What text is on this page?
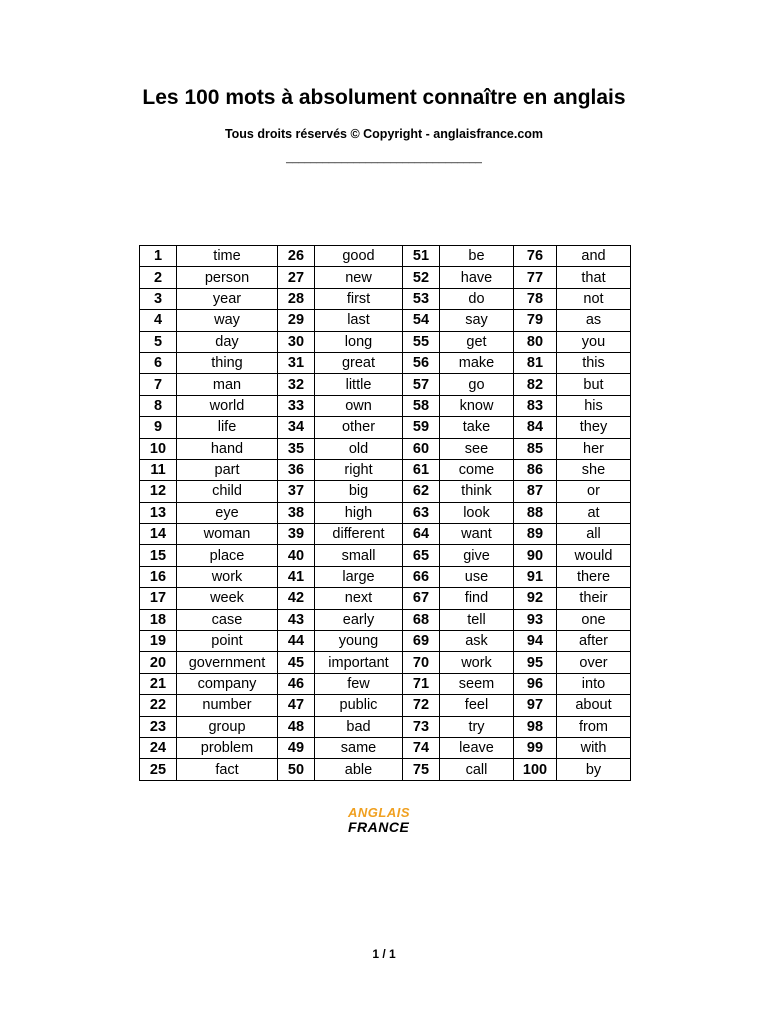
Les 100 mots à absolument connaître en anglais
Tous droits réservés © Copyright - anglaisfrance.com
________________________________
1	time	26	good	51	be	76	and
2	person	27	new	52	have	77	that
3	year	28	first	53	do	78	not
4	way	29	last	54	say	79	as
5	day	30	long	55	get	80	you
6	thing	31	great	56	make	81	this
7	man	32	little	57	go	82	but
8	world	33	own	58	know	83	his
9	life	34	other	59	take	84	they
10	hand	35	old	60	see	85	her
11	part	36	right	61	come	86	she
12	child	37	big	62	think	87	or
13	eye	38	high	63	look	88	at
14	woman	39	different	64	want	89	all
15	place	40	small	65	give	90	would
16	work	41	large	66	use	91	there
17	week	42	next	67	find	92	their
18	case	43	early	68	tell	93	one
19	point	44	young	69	ask	94	after
20	government	45	important	70	work	95	over
21	company	46	few	71	seem	96	into
22	number	47	public	72	feel	97	about
23	group	48	bad	73	try	98	from
24	problem	49	same	74	leave	99	with
25	fact	50	able	75	call	100	by
ANGLAIS
FRANCE
1 / 1
